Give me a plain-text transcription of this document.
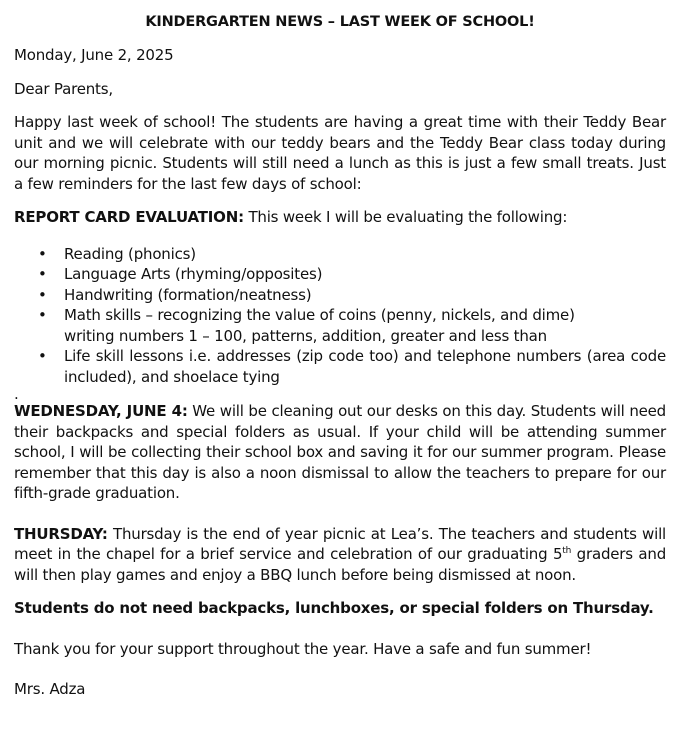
KINDERGARTEN NEWS – LAST WEEK OF SCHOOL!
Monday, June 2, 2025
Dear Parents,

Happy last week of school! The students are having a great time with their Teddy Bear unit and we will celebrate with our teddy bears and the Teddy Bear class today during our morning picnic. Students will still need a lunch as this is just a few small treats. Just a few reminders for the last few days of school:

REPORT CARD EVALUATION: This week I will be evaluating the following:

• Reading (phonics)
• Language Arts (rhyming/opposites)
• Handwriting (formation/neatness)
• Math skills – recognizing the value of coins (penny, nickels, and dime) writing numbers 1 – 100, patterns, addition, greater and less than
• Life skill lessons i.e. addresses (zip code too) and telephone numbers (area code included), and shoelace tying
.

WEDNESDAY, JUNE 4: We will be cleaning out our desks on this day. Students will need their backpacks and special folders as usual. If your child will be attending summer school, I will be collecting their school box and saving it for our summer program. Please remember that this day is also a noon dismissal to allow the teachers to prepare for our fifth-grade graduation.

THURSDAY: Thursday is the end of year picnic at Lea’s. The teachers and students will meet in the chapel for a brief service and celebration of our graduating 5th graders and will then play games and enjoy a BBQ lunch before being dismissed at noon.

Students do not need backpacks, lunchboxes, or special folders on Thursday.

Thank you for your support throughout the year. Have a safe and fun summer!

Mrs. Adza
